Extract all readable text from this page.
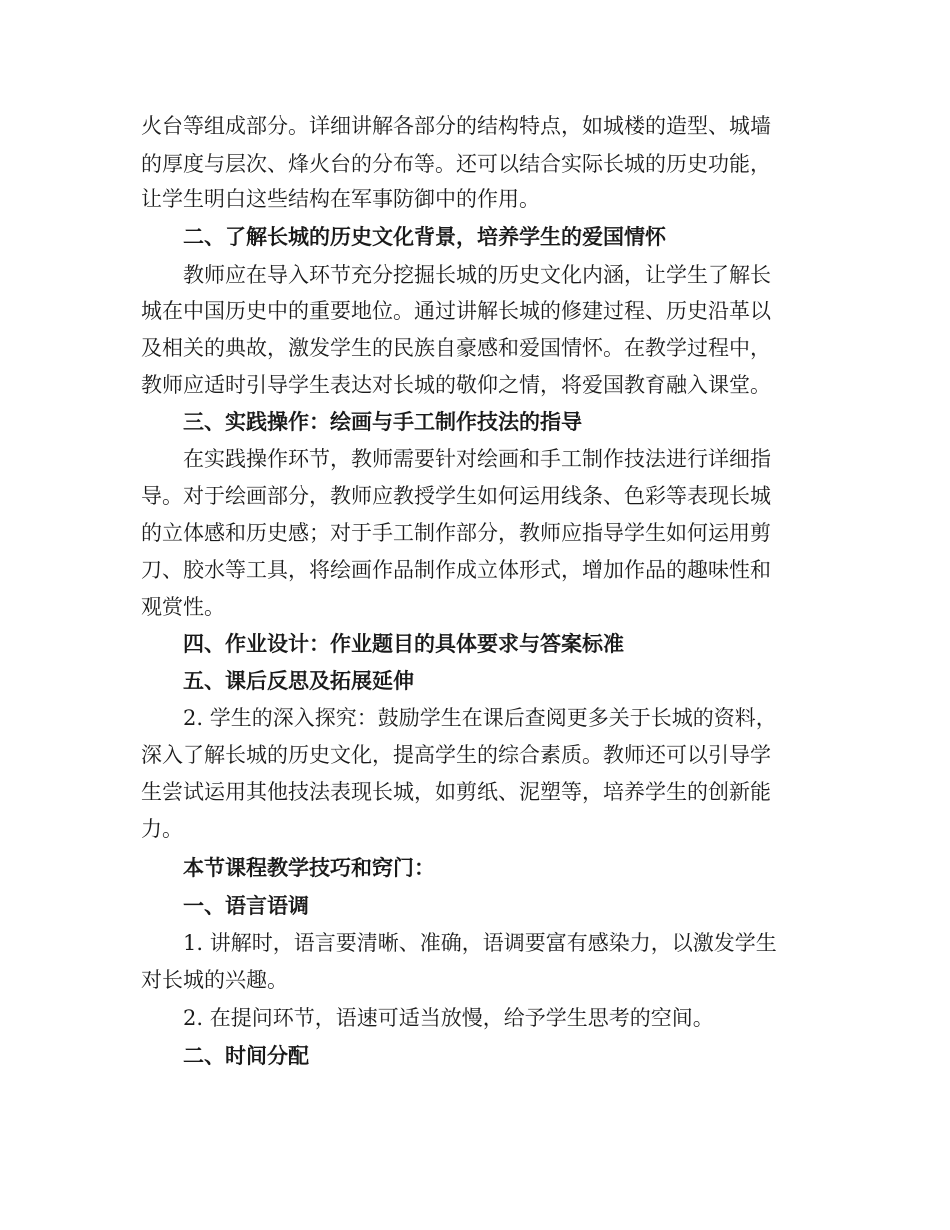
火台等组成部分。详细讲解各部分的结构特点，如城楼的造型、城墙
的厚度与层次、烽火台的分布等。还可以结合实际长城的历史功能，
让学生明白这些结构在军事防御中的作用。
二、了解长城的历史文化背景，培养学生的爱国情怀
教师应在导入环节充分挖掘长城的历史文化内涵，让学生了解长
城在中国历史中的重要地位。通过讲解长城的修建过程、历史沿革以
及相关的典故，激发学生的民族自豪感和爱国情怀。在教学过程中，
教师应适时引导学生表达对长城的敬仰之情，将爱国教育融入课堂。
三、实践操作：绘画与手工制作技法的指导
在实践操作环节，教师需要针对绘画和手工制作技法进行详细指
导。对于绘画部分，教师应教授学生如何运用线条、色彩等表现长城
的立体感和历史感；对于手工制作部分，教师应指导学生如何运用剪
刀、胶水等工具，将绘画作品制作成立体形式，增加作品的趣味性和
观赏性。
四、作业设计：作业题目的具体要求与答案标准
五、课后反思及拓展延伸
2. 学生的深入探究：鼓励学生在课后查阅更多关于长城的资料，
深入了解长城的历史文化，提高学生的综合素质。教师还可以引导学
生尝试运用其他技法表现长城，如剪纸、泥塑等，培养学生的创新能
力。
本节课程教学技巧和窍门：
一、语言语调
1. 讲解时，语言要清晰、准确，语调要富有感染力，以激发学生
对长城的兴趣。
2. 在提问环节，语速可适当放慢，给予学生思考的空间。
二、时间分配
